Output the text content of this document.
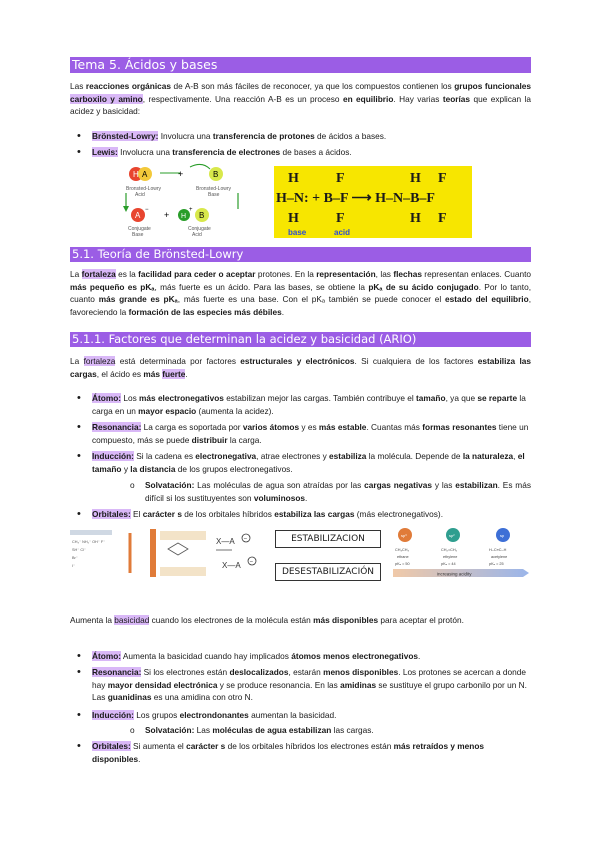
Tema 5. Ácidos y bases
Las reacciones orgánicas de A-B son más fáciles de reconocer, ya que los compuestos contienen los grupos funcionales carboxilo y amino, respectivamente. Una reacción A-B es un proceso en equilibrio. Hay varias teorías que explican la acidez y basicidad:
• Brönsted-Lowry: Involucra una transferencia de protones de ácidos a bases.
• Lewis: Involucra una transferencia de electrones de bases a ácidos.
H A	+	B
Bronsted-Lowry
Acid
Bronsted-Lowry
Base
A
− + H
+
B
Conjugate
Base
Conjugate
Acid
H	F	H F
H–N: + B–F ⟶ H–N–B–F
H	F	H F
base	acid
5.1. Teoría de Brönsted-Lowry
La fortaleza es la facilidad para ceder o aceptar protones. En la representación, las flechas representan enlaces. Cuanto más pequeño es pKₐ, más fuerte es un ácido. Para las bases, se obtiene la pKₐ de su ácido conjugado. Por lo tanto, cuanto más grande es pKₐ, más fuerte es una base. Con el pKₐ también se puede conocer el estado del equilibrio, favoreciendo la formación de las especies más débiles.
5.1.1. Factores que determinan la acidez y basicidad (ARIO)
La fortaleza está determinada por factores estructurales y electrónicos. Si cualquiera de los factores estabiliza las cargas, el ácido es más fuerte.
• Átomo: Los más electronegativos estabilizan mejor las cargas. También contribuye el tamaño, ya que se reparte la carga en un mayor espacio (aumenta la acidez).
• Resonancia: La carga es soportada por varios átomos y es más estable. Cuantas más formas resonantes tiene un compuesto, más se puede distribuir la carga.
• Inducción: Si la cadena es electronegativa, atrae electrones y estabiliza la molécula. Depende de la naturaleza, el tamaño y la distancia de los grupos electronegativos.
o Solvatación: Las moléculas de agua son atraídas por las cargas negativas y las estabilizan. Es más difícil si los sustituyentes son voluminosos.
• Orbitales: El carácter s de los orbitales híbridos estabiliza las cargas (más electronegativos).
CH₃⁻ NH₂⁻ OH⁻ F⁻
SH⁻ Cl⁻
Br⁻
I⁻
X—A −
X—A −
ESTABILIZACION
DESESTABILIZACIÓN
sp³	sp²	sp
CH₃CH₃	CH₂=CH₂	H–C≡C–H
ethane	ethylene	acetylene
pKₐ = 50	pKₐ = 44	pKₐ = 25
increasing acidity
Aumenta la basicidad cuando los electrones de la molécula están más disponibles para aceptar el protón.
• Átomo: Aumenta la basicidad cuando hay implicados átomos menos electronegativos.
• Resonancia: Si los electrones están deslocalizados, estarán menos disponibles. Los protones se acercan a donde hay mayor densidad electrónica y se produce resonancia. En las amidinas se sustituye el grupo carbonilo por un N. Las guanidinas es una amidina con otro N.
• Inducción: Los grupos electrondonantes aumentan la basicidad.
o Solvatación: Las moléculas de agua estabilizan las cargas.
• Orbitales: Si aumenta el carácter s de los orbitales híbridos los electrones están más retraídos y menos disponibles.
